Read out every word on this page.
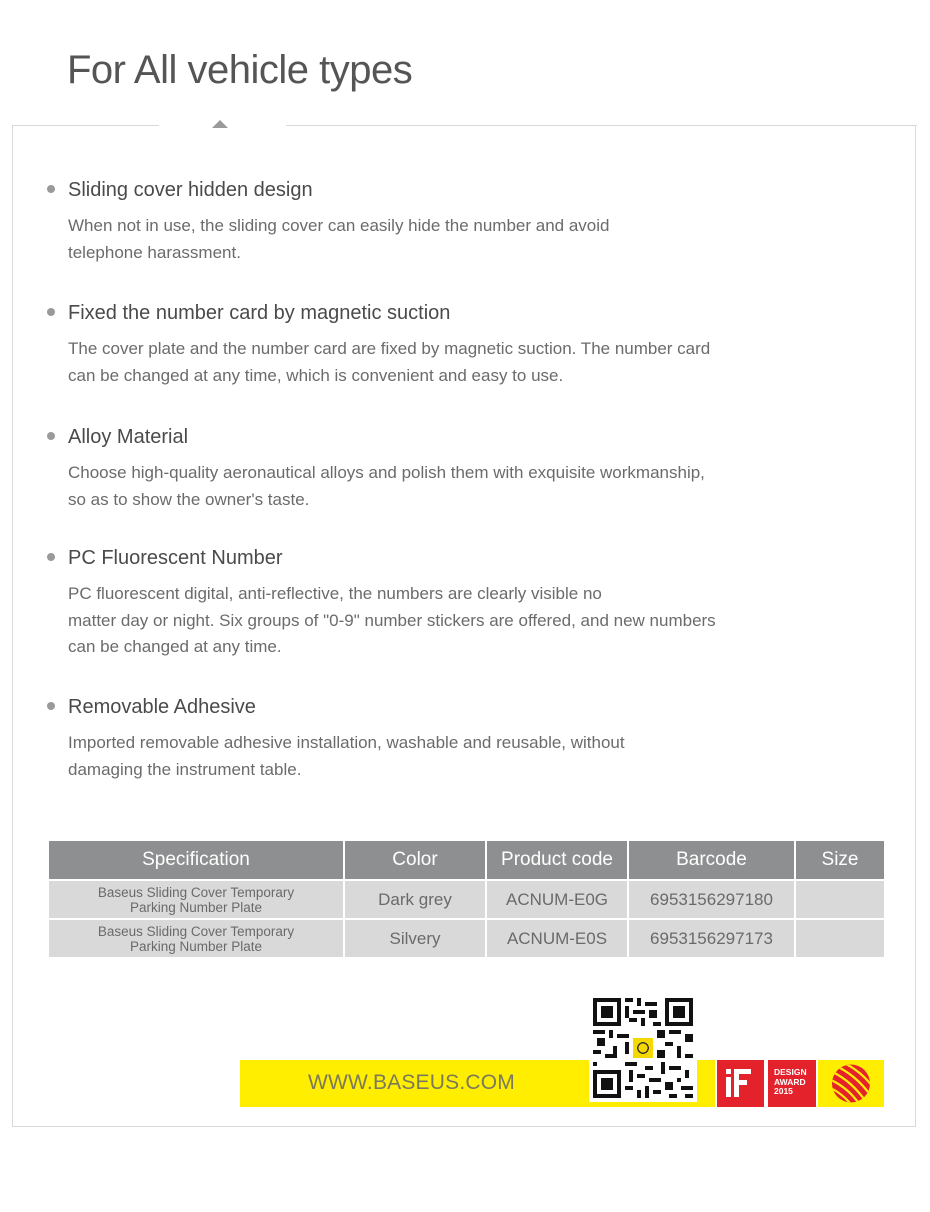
For All vehicle types
Sliding cover hidden design

When not in use, the sliding cover can easily hide the number and avoid
telephone harassment.

Fixed the number card by magnetic suction

The cover plate and the number card are fixed by magnetic suction. The number card
can be changed at any time, which is convenient and easy to use.

Alloy Material

Choose high-quality aeronautical alloys and polish them with exquisite workmanship,
so as to show the owner's taste.

PC Fluorescent Number

PC fluorescent digital, anti-reflective, the numbers are clearly visible no
matter day or night. Six groups of "0-9" number stickers are offered, and new numbers
can be changed at any time.

Removable Adhesive

Imported removable adhesive installation, washable and reusable, without
damaging the instrument table.

Specification	Color	Product code	Barcode	Size

Baseus Sliding Cover Temporary
Parking Number Plate	Dark grey	ACNUM-E0G	6953156297180	

Baseus Sliding Cover Temporary
Parking Number Plate	Silvery	ACNUM-E0S	6953156297173	
WWW.BASEUS.COM	DESIGN
AWARD
2015
